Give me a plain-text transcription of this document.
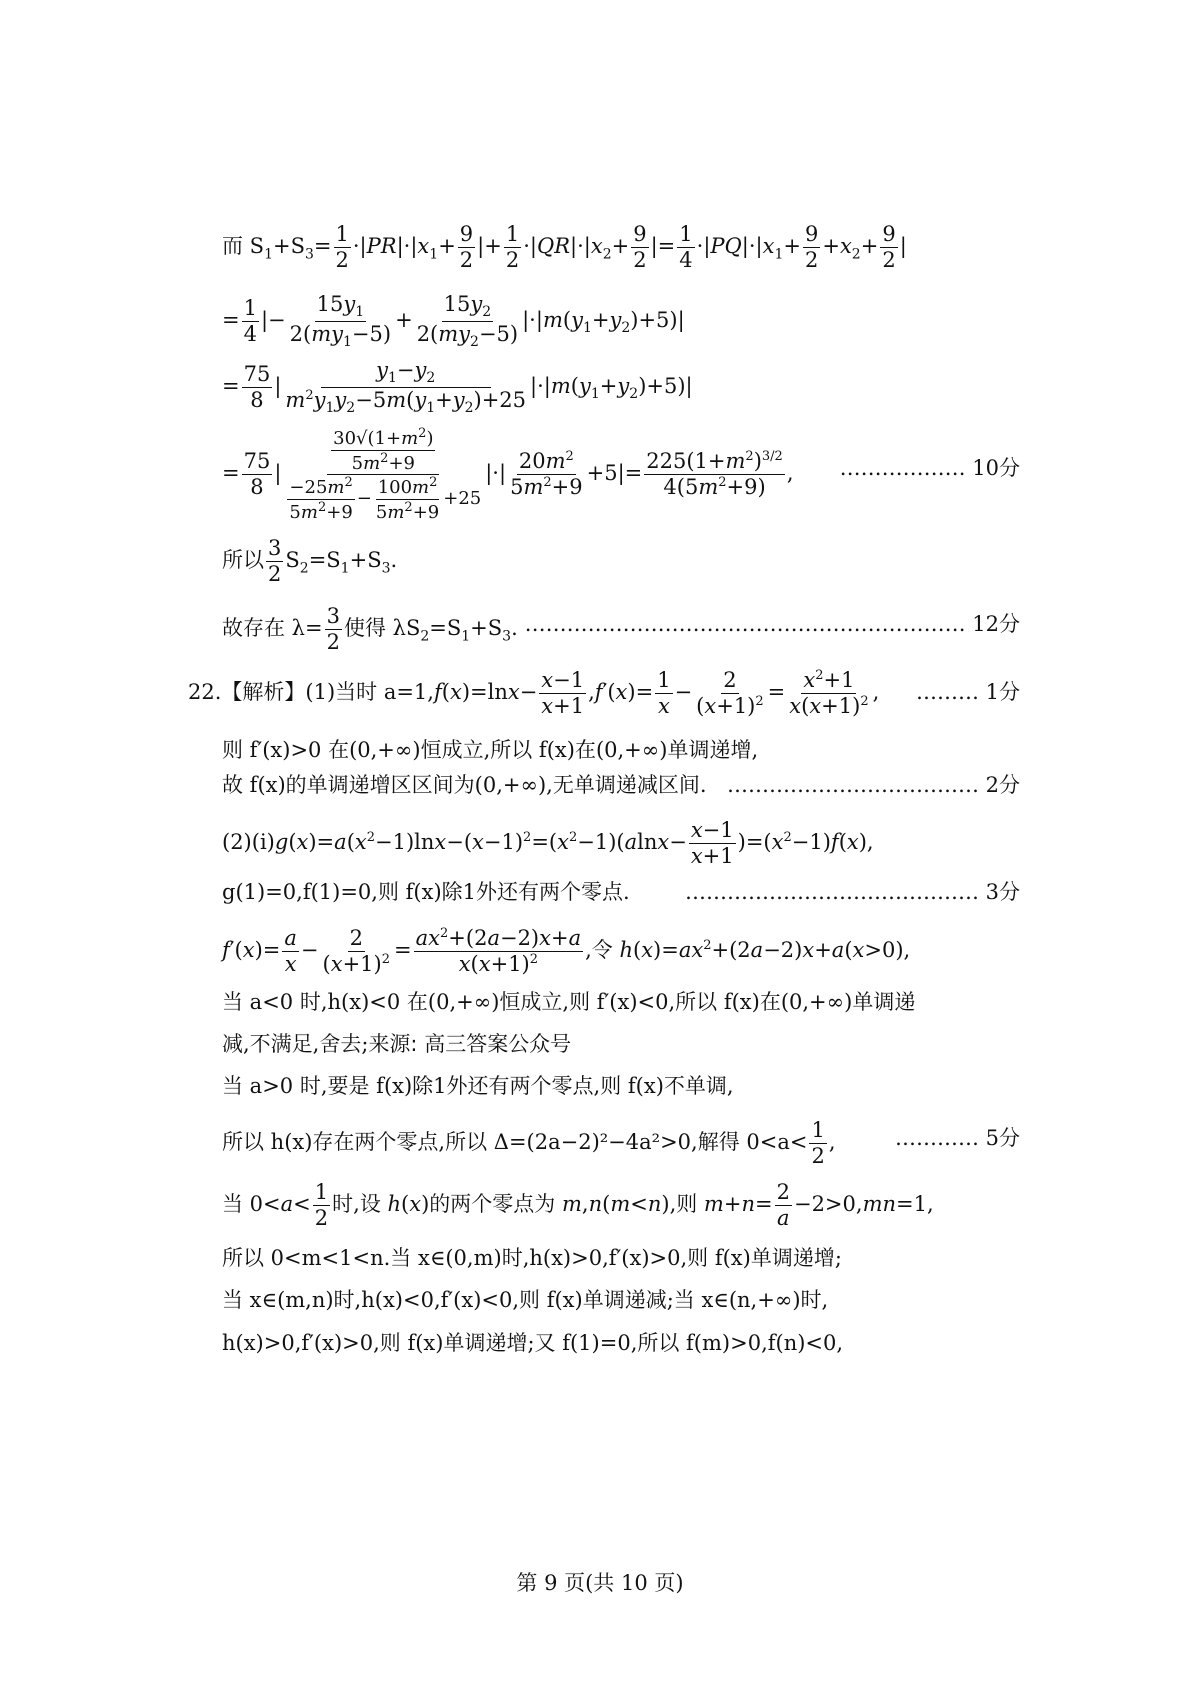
而 $S_1+S_3= \frac{1}{2} \cdot|PR|\cdot|x_1+ \frac{9}{2}$ |+ $\frac{1}{2} \cdot|QR|\cdot|x_2+ \frac{9}{2}$ |= $\frac{1}{4} \cdot|PQ|\cdot|x_1+ \frac{9}{2} +x_2+ \frac{9}{2}$ |
= $\frac{1}{4}$ |− $\frac{15y_1}{2(my_1-5)} + \frac{15y_2}{2(my_2-5)} |\cdot|m(y_1+y_2)+5)|$
= $\frac{75}{8}$ | $\frac{y_1-y_2}{m^2y_1y_2-5m(y_1+y_2)+25} |\cdot|m(y_1+y_2)+5)|$
= $\frac{75}{8}$ | $\frac{\frac{30√(1+m^2)}{5m^2+9}}{\frac{-25m^2}{5m^2+9} - \frac{100m^2}{5m^2+9} +25}$ |·| $\frac{20m^2}{5m^2+9} +5|= \frac{225(1+m^2)^{3/2}}{4(5m^2+9)}$ , ……………… 10分
所以 $\frac{3}{2} S_2=S_1+S_3$.
故存在 $\lambda= \frac{3}{2}$ 使得 $\lambda S_2=S_1+S_3$. ……………………………………………………… 12分
22.【解析】(1)当时 $a=1,f(x)=\ln x- \frac{x-1}{x+1} ,f'(x)= \frac{1}{x} - \frac{2}{(x+1)^2} = \frac{x^2+1}{x(x+1)^2}$ , ……… 1分
则 f′(x)>0 在(0,+∞)恒成立,所以 f(x)在(0,+∞)单调递增,
故 f(x)的单调递增区区间为(0,+∞),无单调递减区间. ……………………………… 2分
$(2)(i)g(x)=a(x^2-1)\ln x-(x-1)^2=(x^2-1)(alnx- \frac{x-1}{x+1} )=(x^2-1)f(x)$,
g(1)=0,f(1)=0,则 f(x)除1外还有两个零点.	…………………………………… 3分
$f'(x)= \frac{a}{x} - \frac{2}{(x+1)^2} = \frac{ax^2+(2a-2)x+a}{x(x+1)^2}$ ,令 $h(x)=ax^2+(2a-2)x+a(x>0)$,
当 a<0 时,h(x)<0 在(0,+∞)恒成立,则 f′(x)<0,所以 f(x)在(0,+∞)单调递
减,不满足,舍去;来源: 高三答案公众号
当 a>0 时,要是 f(x)除1外还有两个零点,则 f(x)不单调,
所以 h(x)存在两个零点,所以 Δ=(2a−2)²−4a²>0,解得 $0<a< \frac{1}{2}$ ,	………… 5分
当 $0<a< \frac{1}{2}$ 时,设 h(x)的两个零点为 m,n(m<n),则 $m+n= \frac{2}{a} -2>0,mn=1$,
所以 0<m<1<n.当 x∈(0,m)时,h(x)>0,f′(x)>0,则 f(x)单调递增;
当 x∈(m,n)时,h(x)<0,f′(x)<0,则 f(x)单调递减;当 x∈(n,+∞)时,
h(x)>0,f′(x)>0,则 f(x)单调递增;又 f(1)=0,所以 f(m)>0,f(n)<0,
第 9 页(共 10 页)
